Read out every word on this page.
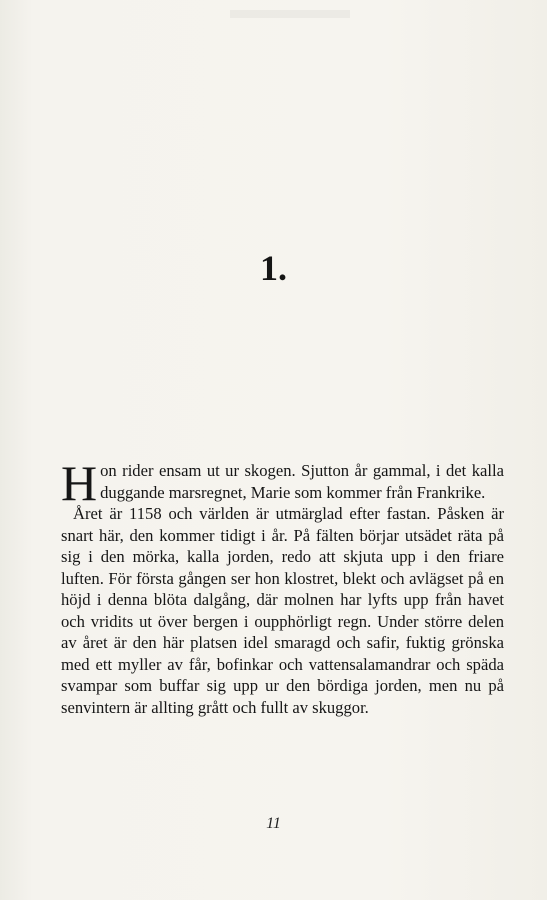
1.

Hon rider ensam ut ur skogen. Sjutton år gammal, i det kalla duggande marsregnet, Marie som kommer från Frankrike.

Året är 1158 och världen är utmärglad efter fastan. Påsken är snart här, den kommer tidigt i år. På fälten börjar utsädet räta på sig i den mörka, kalla jorden, redo att skjuta upp i den friare luften. För första gången ser hon klostret, blekt och avlägset på en höjd i denna blöta dalgång, där molnen har lyfts upp från havet och vridits ut över bergen i oupphörligt regn. Under större delen av året är den här platsen idel smaragd och safir, fuktig grönska med ett myller av får, bofinkar och vattensalamandrar och späda svampar som buffar sig upp ur den bördiga jorden, men nu på senvintern är allting grått och fullt av skuggor.

11
